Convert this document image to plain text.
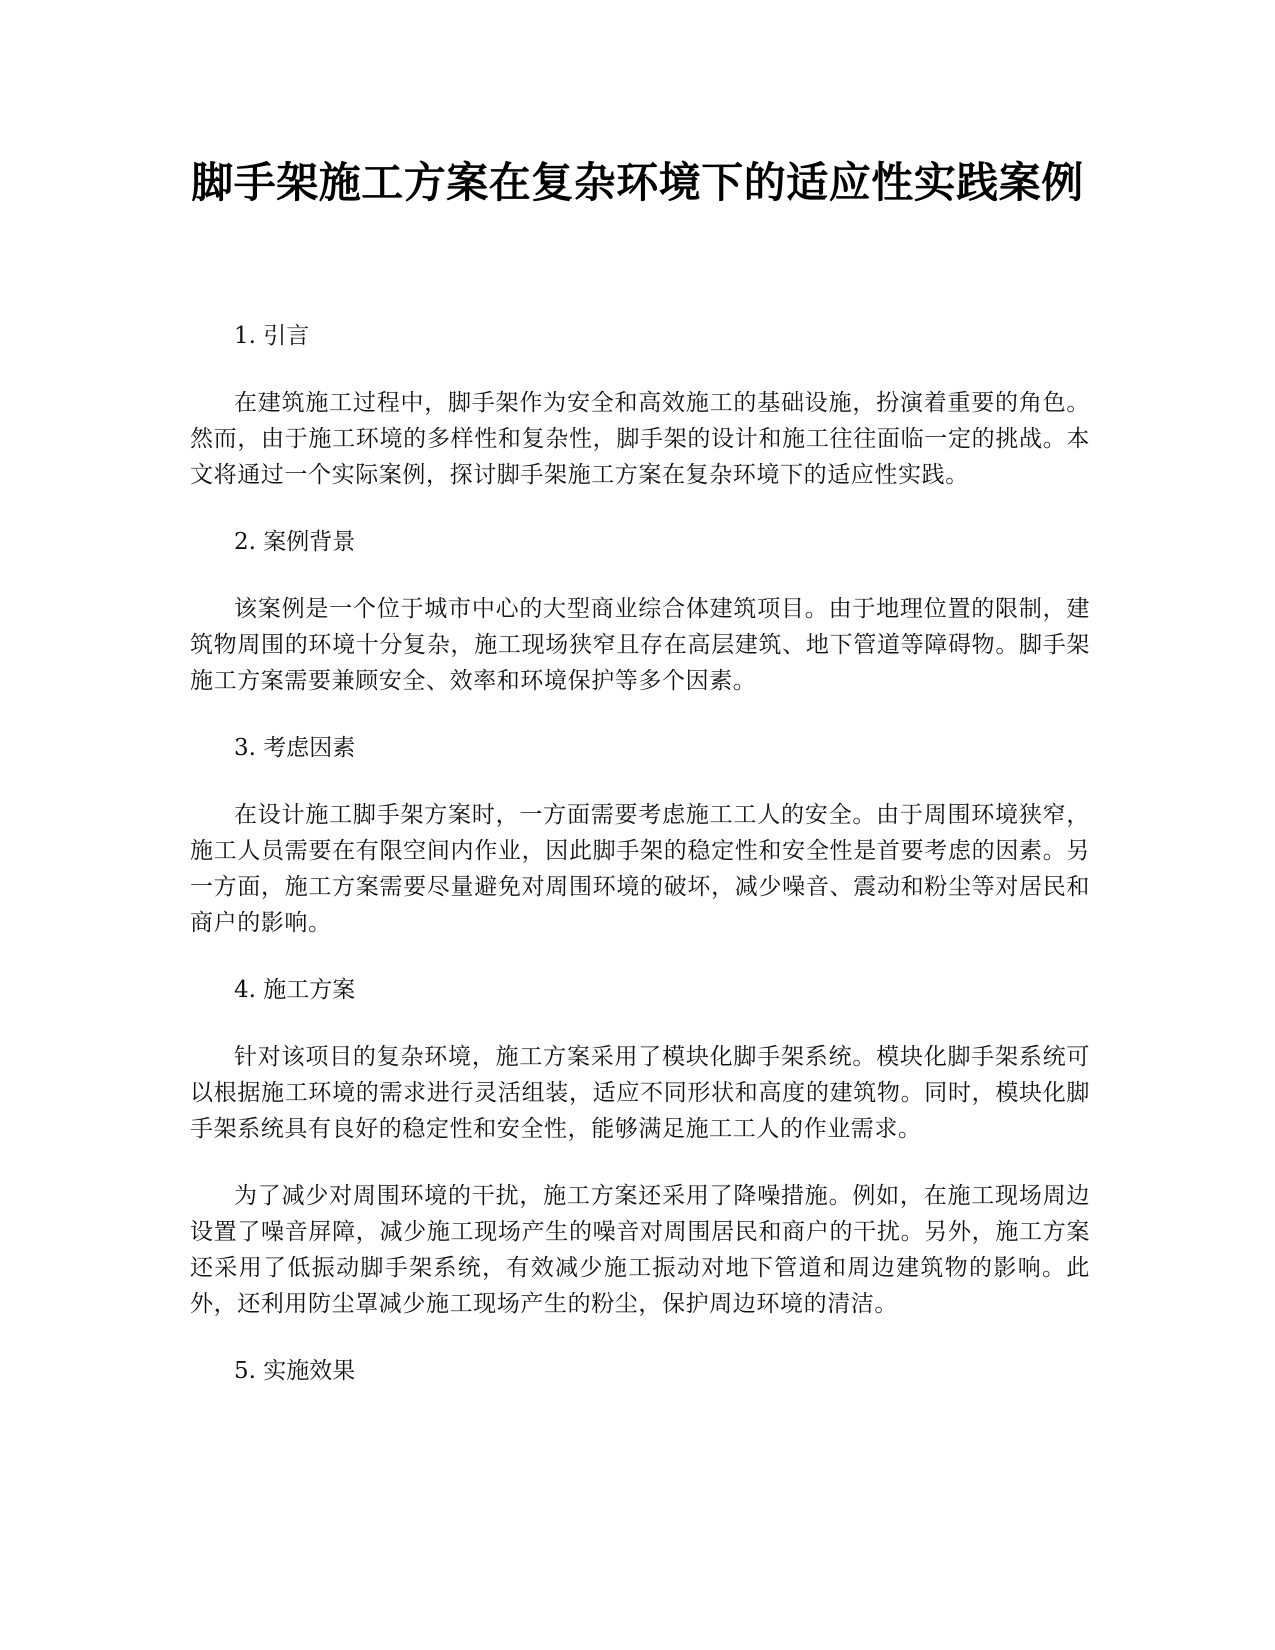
脚手架施工方案在复杂环境下的适应性实践案例
1. 引言

在建筑施工过程中，脚手架作为安全和高效施工的基础设施，扮演着重要的角色。然而，由于施工环境的多样性和复杂性，脚手架的设计和施工往往面临一定的挑战。本文将通过一个实际案例，探讨脚手架施工方案在复杂环境下的适应性实践。

2. 案例背景

该案例是一个位于城市中心的大型商业综合体建筑项目。由于地理位置的限制，建筑物周围的环境十分复杂，施工现场狭窄且存在高层建筑、地下管道等障碍物。脚手架施工方案需要兼顾安全、效率和环境保护等多个因素。

3. 考虑因素

在设计施工脚手架方案时，一方面需要考虑施工工人的安全。由于周围环境狭窄，施工人员需要在有限空间内作业，因此脚手架的稳定性和安全性是首要考虑的因素。另一方面，施工方案需要尽量避免对周围环境的破坏，减少噪音、震动和粉尘等对居民和商户的影响。

4. 施工方案

针对该项目的复杂环境，施工方案采用了模块化脚手架系统。模块化脚手架系统可以根据施工环境的需求进行灵活组装，适应不同形状和高度的建筑物。同时，模块化脚手架系统具有良好的稳定性和安全性，能够满足施工工人的作业需求。

为了减少对周围环境的干扰，施工方案还采用了降噪措施。例如，在施工现场周边设置了噪音屏障，减少施工现场产生的噪音对周围居民和商户的干扰。另外，施工方案还采用了低振动脚手架系统，有效减少施工振动对地下管道和周边建筑物的影响。此外，还利用防尘罩减少施工现场产生的粉尘，保护周边环境的清洁。

5. 实施效果
